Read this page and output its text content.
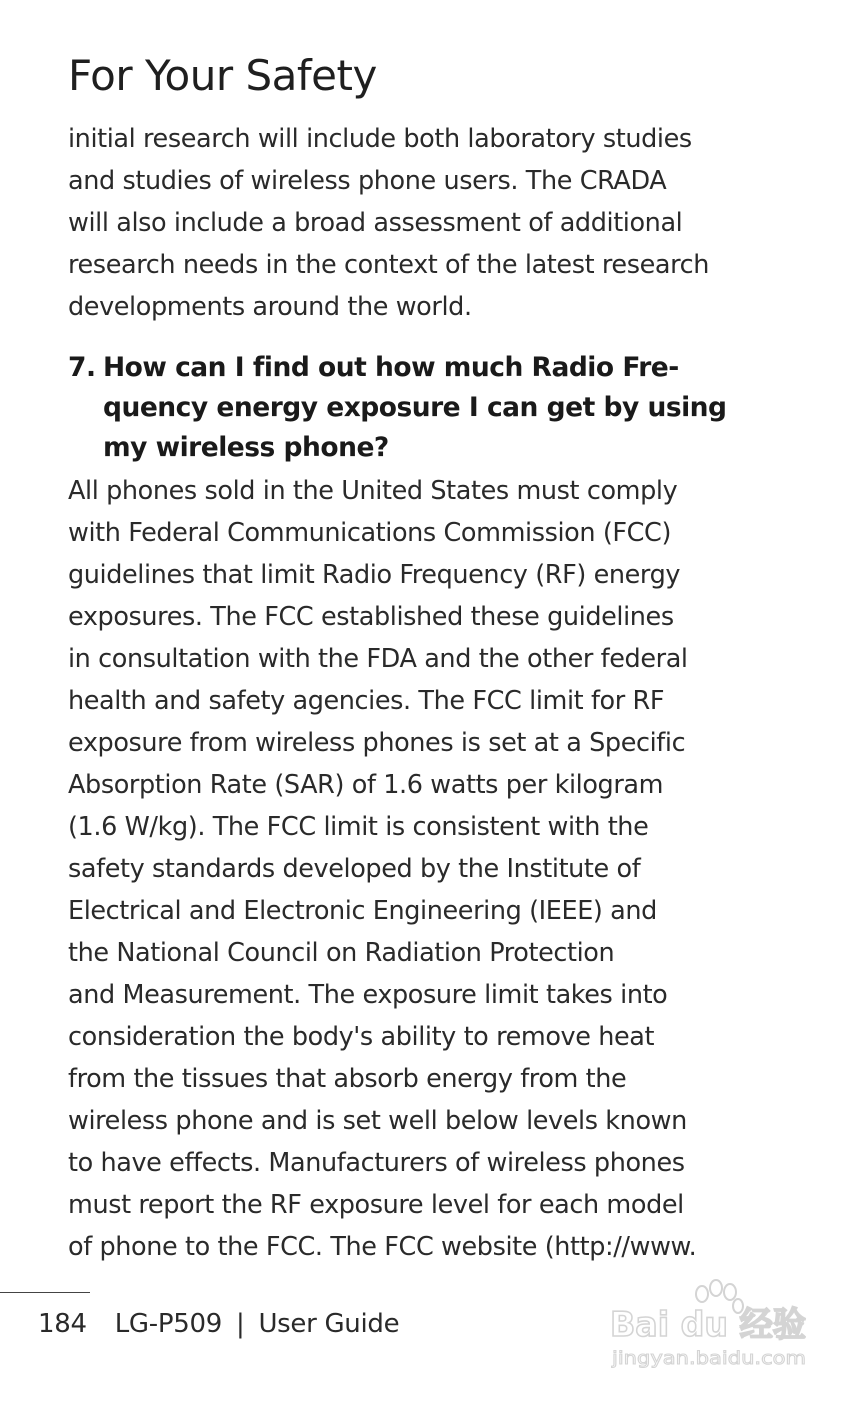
For Your Safety
initial research will include both laboratory studies
and studies of wireless phone users. The CRADA
will also include a broad assessment of additional
research needs in the context of the latest research
developments around the world.
7. How can I find out how much Radio Fre-
quency energy exposure I can get by using
my wireless phone?
All phones sold in the United States must comply
with Federal Communications Commission (FCC)
guidelines that limit Radio Frequency (RF) energy
exposures. The FCC established these guidelines
in consultation with the FDA and the other federal
health and safety agencies. The FCC limit for RF
exposure from wireless phones is set at a Specific
Absorption Rate (SAR) of 1.6 watts per kilogram
(1.6 W/kg). The FCC limit is consistent with the
safety standards developed by the Institute of
Electrical and Electronic Engineering (IEEE) and
the National Council on Radiation Protection
and Measurement. The exposure limit takes into
consideration the body's ability to remove heat
from the tissues that absorb energy from the
wireless phone and is set well below levels known
to have effects. Manufacturers of wireless phones
must report the RF exposure level for each model
of phone to the FCC. The FCC website (http://www.
184 LG-P509 | User Guide	Bai du 经验
jingyan.baidu.com
